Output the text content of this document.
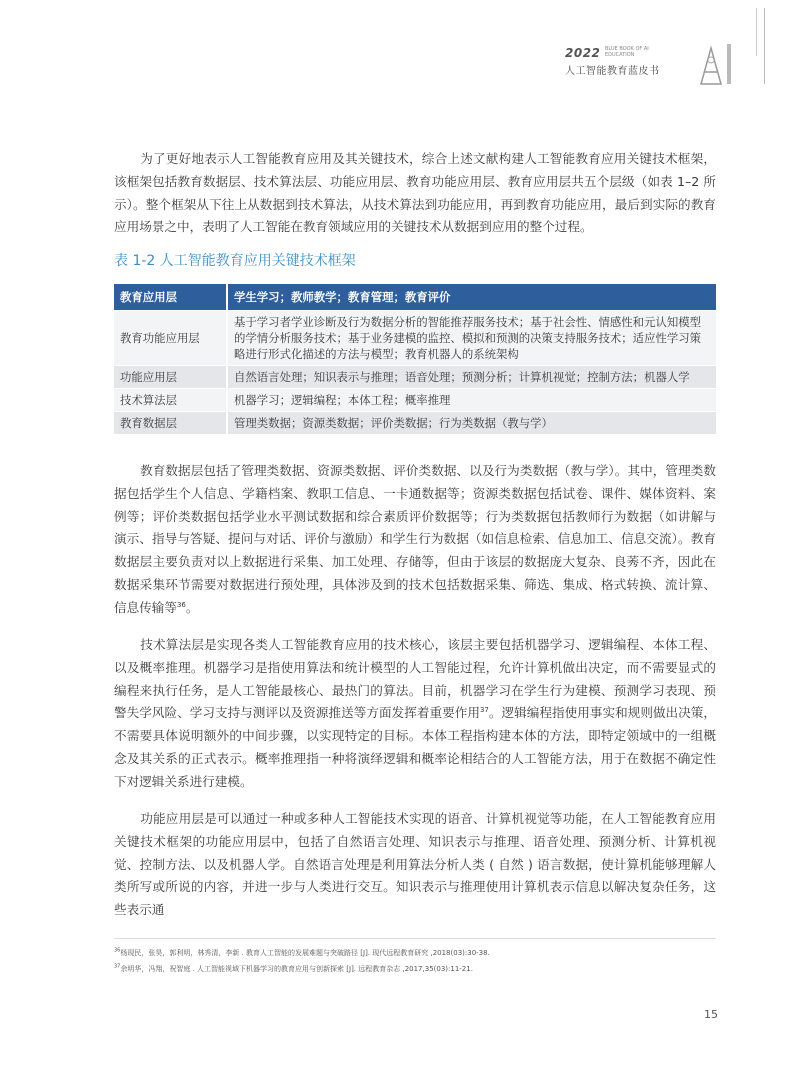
2022 BLUE BOOK OF AI EDUCATION
人工智能教育蓝皮书

为了更好地表示人工智能教育应用及其关键技术，综合上述文献构建人工智能教育应用关键技术框架，该框架包括教育数据层、技术算法层、功能应用层、教育功能应用层、教育应用层共五个层级（如表 1–2 所示）。整个框架从下往上从数据到技术算法，从技术算法到功能应用，再到教育功能应用，最后到实际的教育应用场景之中，表明了人工智能在教育领域应用的关键技术从数据到应用的整个过程。

表 1-2 人工智能教育应用关键技术框架

教育应用层	学生学习；教师教学；教育管理；教育评价
教育功能应用层	基于学习者学业诊断及行为数据分析的智能推荐服务技术；基于社会性、情感性和元认知模型的学情分析服务技术；基于业务建模的监控、模拟和预测的决策支持服务技术；适应性学习策略进行形式化描述的方法与模型；教育机器人的系统架构
功能应用层	自然语言处理；知识表示与推理；语音处理；预测分析；计算机视觉；控制方法；机器人学
技术算法层	机器学习；逻辑编程；本体工程；概率推理
教育数据层	管理类数据；资源类数据；评价类数据；行为类数据（教与学）

教育数据层包括了管理类数据、资源类数据、评价类数据、以及行为类数据（教与学）。其中，管理类数据包括学生个人信息、学籍档案、教职工信息、一卡通数据等；资源类数据包括试卷、课件、媒体资料、案例等；评价类数据包括学业水平测试数据和综合素质评价数据等；行为类数据包括教师行为数据（如讲解与演示、指导与答疑、提问与对话、评价与激励）和学生行为数据（如信息检索、信息加工、信息交流）。教育数据层主要负责对以上数据进行采集、加工处理、存储等，但由于该层的数据庞大复杂、良莠不齐，因此在数据采集环节需要对数据进行预处理，具体涉及到的技术包括数据采集、筛选、集成、格式转换、流计算、信息传输等$^{36}$。

技术算法层是实现各类人工智能教育应用的技术核心，该层主要包括机器学习、逻辑编程、本体工程、以及概率推理。机器学习是指使用算法和统计模型的人工智能过程，允许计算机做出决定，而不需要显式的编程来执行任务，是人工智能最核心、最热门的算法。目前，机器学习在学生行为建模、预测学习表现、预警失学风险、学习支持与测评以及资源推送等方面发挥着重要作用$^{37}$。逻辑编程指使用事实和规则做出决策，不需要具体说明额外的中间步骤，以实现特定的目标。本体工程指构建本体的方法，即特定领域中的一组概念及其关系的正式表示。概率推理指一种将演绎逻辑和概率论相结合的人工智能方法，用于在数据不确定性下对逻辑关系进行建模。

功能应用层是可以通过一种或多种人工智能技术实现的语音、计算机视觉等功能，在人工智能教育应用关键技术框架的功能应用层中，包括了自然语言处理、知识表示与推理、语音处理、预测分析、计算机视觉、控制方法、以及机器人学。自然语言处理是利用算法分析人类 ( 自然 ) 语言数据，使计算机能够理解人类所写或所说的内容，并进一步与人类进行交互。知识表示与推理使用计算机表示信息以解决复杂任务，这些表示通

$^{36}$杨现民，张昊，郭利明，林秀清，李新 . 教育人工智能的发展难题与突破路径 [J]. 现代远程教育研究 ,2018(03):30-38.

$^{37}$余明华，冯翔，祝智庭 . 人工智能视域下机器学习的教育应用与创新探索 [J]. 远程教育杂志 ,2017,35(03):11-21.

15
